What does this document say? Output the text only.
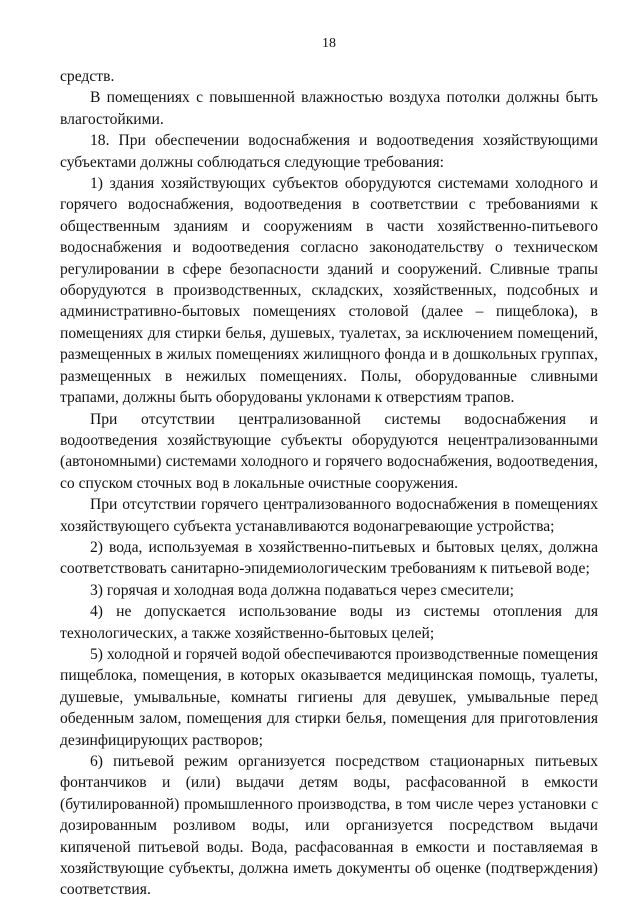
18

средств.

В помещениях с повышенной влажностью воздуха потолки должны быть влагостойкими.

18. При обеспечении водоснабжения и водоотведения хозяйствующими субъектами должны соблюдаться следующие требования:

1) здания хозяйствующих субъектов оборудуются системами холодного и горячего водоснабжения, водоотведения в соответствии с требованиями к общественным зданиям и сооружениям в части хозяйственно-питьевого водоснабжения и водоотведения согласно законодательству о техническом регулировании в сфере безопасности зданий и сооружений. Сливные трапы оборудуются в производственных, складских, хозяйственных, подсобных и административно-бытовых помещениях столовой (далее – пищеблока), в помещениях для стирки белья, душевых, туалетах, за исключением помещений, размещенных в жилых помещениях жилищного фонда и в дошкольных группах, размещенных в нежилых помещениях. Полы, оборудованные сливными трапами, должны быть оборудованы уклонами к отверстиям трапов.

При отсутствии централизованной системы водоснабжения и водоотведения хозяйствующие субъекты оборудуются нецентрализованными (автономными) системами холодного и горячего водоснабжения, водоотведения, со спуском сточных вод в локальные очистные сооружения.

При отсутствии горячего централизованного водоснабжения в помещениях хозяйствующего субъекта устанавливаются водонагревающие устройства;

2) вода, используемая в хозяйственно-питьевых и бытовых целях, должна соответствовать санитарно-эпидемиологическим требованиям к питьевой воде;

3) горячая и холодная вода должна подаваться через смесители;

4) не допускается использование воды из системы отопления для технологических, а также хозяйственно-бытовых целей;

5) холодной и горячей водой обеспечиваются производственные помещения пищеблока, помещения, в которых оказывается медицинская помощь, туалеты, душевые, умывальные, комнаты гигиены для девушек, умывальные перед обеденным залом, помещения для стирки белья, помещения для приготовления дезинфицирующих растворов;

6) питьевой режим организуется посредством стационарных питьевых фонтанчиков и (или) выдачи детям воды, расфасованной в емкости (бутилированной) промышленного производства, в том числе через установки с дозированным розливом воды, или организуется посредством выдачи кипяченой питьевой воды. Вода, расфасованная в емкости и поставляемая в хозяйствующие субъекты, должна иметь документы об оценке (подтверждения) соответствия.
